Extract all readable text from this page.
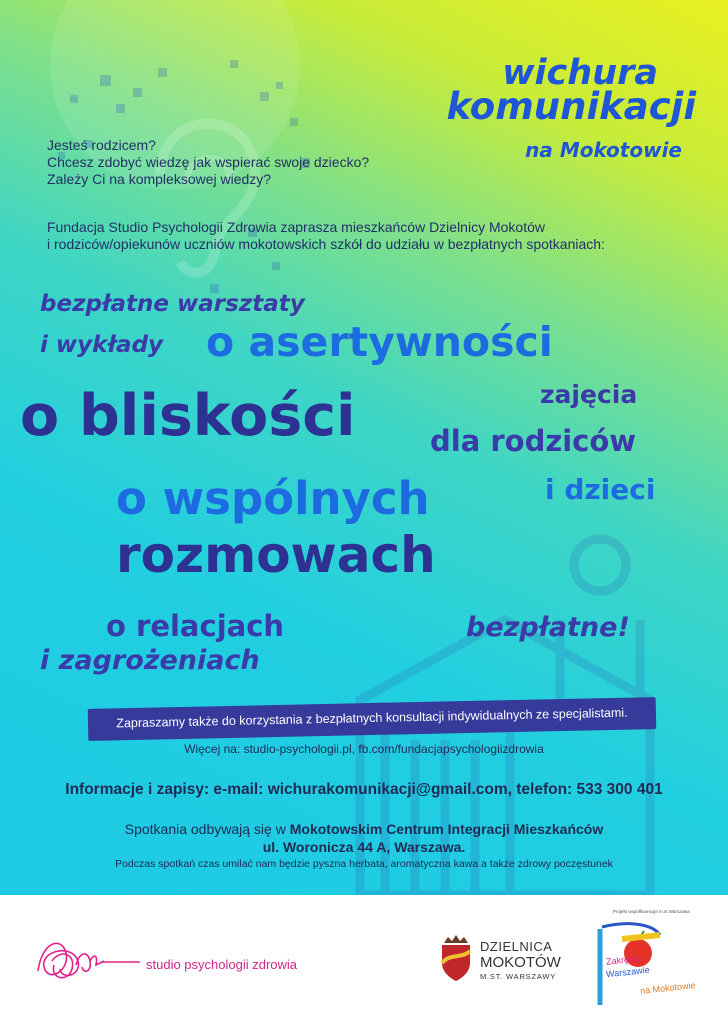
wichura
komunikacji
na Mokotowie
Jesteś rodzicem?
Chcesz zdobyć wiedzę jak wspierać swoje dziecko?
Zależy Ci na kompleksowej wiedzy?
Fundacja Studio Psychologii Zdrowia zaprasza mieszkańców Dzielnicy Mokotów
i rodziców/opiekunów uczniów mokotowskich szkół do udziału w bezpłatnych spotkaniach:
bezpłatne warsztaty
i wykłady o asertywności
zajęcia
o bliskości	dla rodziców
i dzieci
o wspólnych
rozmowach
o relacjach	bezpłatne!
i zagrożeniach
Zapraszamy także do korzystania z bezpłatnych konsultacji indywidualnych ze specjalistami.
Więcej na: studio-psychologii.pl, fb.com/fundacjapsychologiizdrowia
Informacje i zapisy: e-mail: wichurakomunikacji@gmail.com, telefon: 533 300 401
Spotkania odbywają się w Mokotowskim Centrum Integracji Mieszkańców
ul. Woronicza 44 A, Warszawa.
Podczas spotkań czas umilać nam będzie pyszna herbata, aromatyczna kawa a także zdrowy poczęstunek
studio psychologii zdrowia
DZIELNICA
MOKOTÓW
M.ST. WARSZAWY
Projekt współfinansuje m.st.Warszawa
Zakręcaj
Warszawie
na Mokotowie
